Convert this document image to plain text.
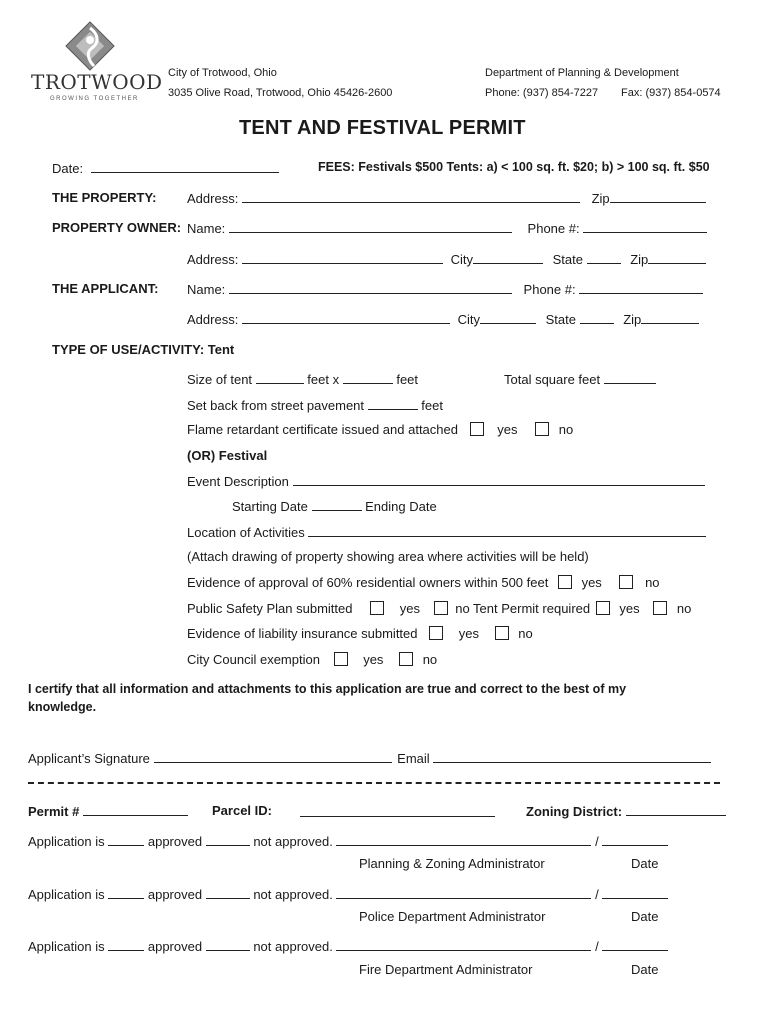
TROTWOOD
GROWING TOGETHER
City of Trotwood, Ohio
3035 Olive Road, Trotwood, Ohio 45426-2600
Department of Planning & Development
Phone: (937) 854-7227 Fax: (937) 854-0574
TENT AND FESTIVAL PERMIT
Date:	FEES: Festivals $500 Tents: a) < 100 sq. ft. $20; b) > 100 sq. ft. $50
THE PROPERTY: Address:	Zip
PROPERTY OWNER: Name:	Phone #:
Address:	City	State	Zip
THE APPLICANT: Name:	Phone #:
Address:	City	State	Zip
TYPE OF USE/ACTIVITY: Tent
Size of tent	feet x	feet	Total square feet
Set back from street pavement	feet
Flame retardant certificate issued and attached	yes	no
(OR) Festival
Event Description
Starting Date	Ending Date
Location of Activities
(Attach drawing of property showing area where activities will be held)
Evidence of approval of 60% residential owners within 500 feet	yes	no
Public Safety Plan submitted	yes	no Tent Permit required yes	no
Evidence of liability insurance submitted	yes	no
City Council exemption	yes	no
I certify that all information and attachments to this application are true and correct to the best of my
knowledge.
Applicant’s Signature	Email
Permit #	Parcel ID:	Zoning District:
Application is	approved	not approved.	/
Planning & Zoning Administrator	Date
Application is	approved	not approved.	/
Police Department Administrator	Date
Application is	approved	not approved.	/
Fire Department Administrator	Date
